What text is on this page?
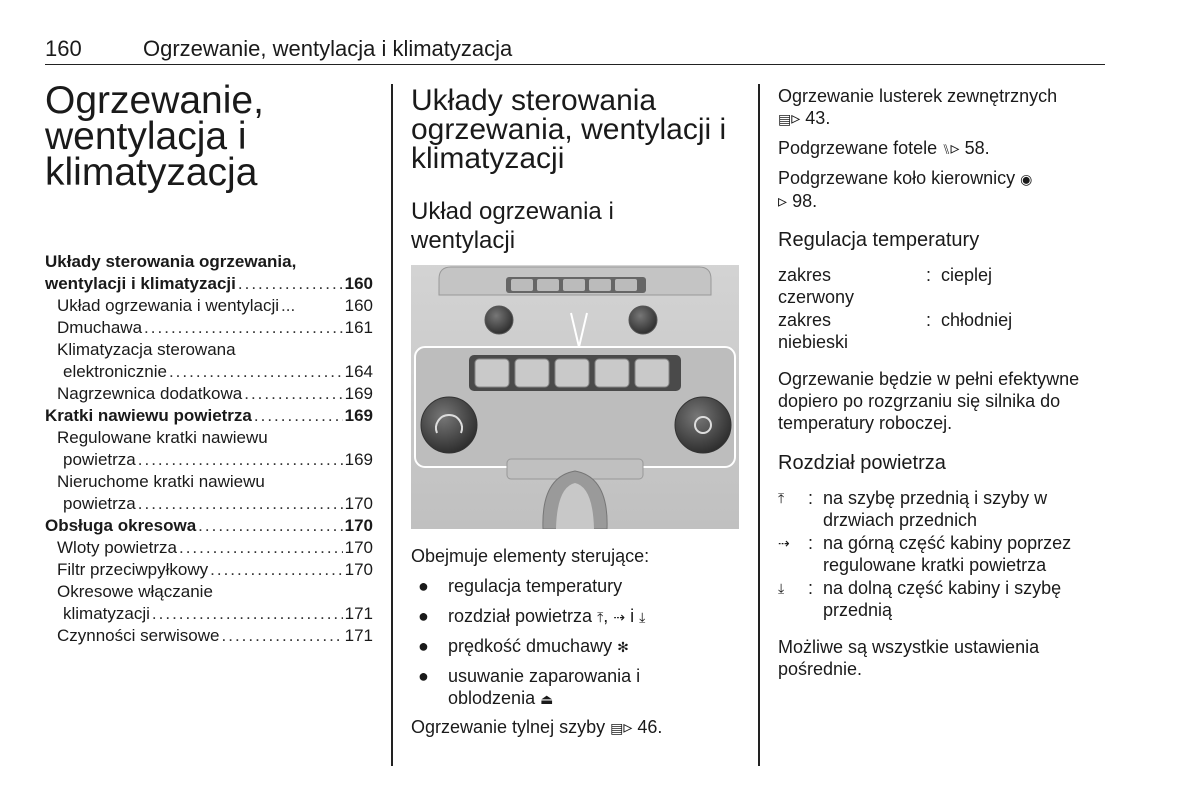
160	Ogrzewanie, wentylacja i klimatyzacja
Ogrzewanie,
wentylacja i
klimatyzacja
Układy sterowania ogrzewania,
wentylacji i klimatyzacji .....	160
Układ ogrzewania i wentylacji .....	160
Dmuchawa .....	161
Klimatyzacja sterowana
elektronicznie .....	164
Nagrzewnica dodatkowa .....	169
Kratki nawiewu powietrza .....	169
Regulowane kratki nawiewu
powietrza .....	169
Nieruchome kratki nawiewu
powietrza .....	170
Obsługa okresowa .....	170
Wloty powietrza .....	170
Filtr przeciwpyłkowy .....	170
Okresowe włączanie
klimatyzacji .....	171
Czynności serwisowe .....	171
Układy sterowania
ogrzewania, wentylacji i
klimatyzacji
Układ ogrzewania i
wentylacji
Obejmuje elementy sterujące:
● regulacja temperatury
● rozdział powietrza ⤒, ⇢ i ⤓
● prędkość dmuchawy ✻
● usuwanie zaparowania i
oblodzenia ⏏
Ogrzewanie tylnej szyby ▤▹ 46.
Ogrzewanie lusterek zewnętrznych
▤▹ 43.
Podgrzewane fotele ⑊▹ 58.
Podgrzewane koło kierownicy ◉
▹ 98.
Regulacja temperatury
zakres
czerwony
: cieplej
zakres
niebieski
: chłodniej
Ogrzewanie będzie w pełni efektywne
dopiero po rozgrzaniu się silnika do
temperatury roboczej.
Rozdział powietrza
⤒ : na szybę przednią i szyby w
drzwiach przednich
⇢ : na górną część kabiny poprzez
regulowane kratki powietrza
⤓ : na dolną część kabiny i szybę
przednią
Możliwe są wszystkie ustawienia
pośrednie.
